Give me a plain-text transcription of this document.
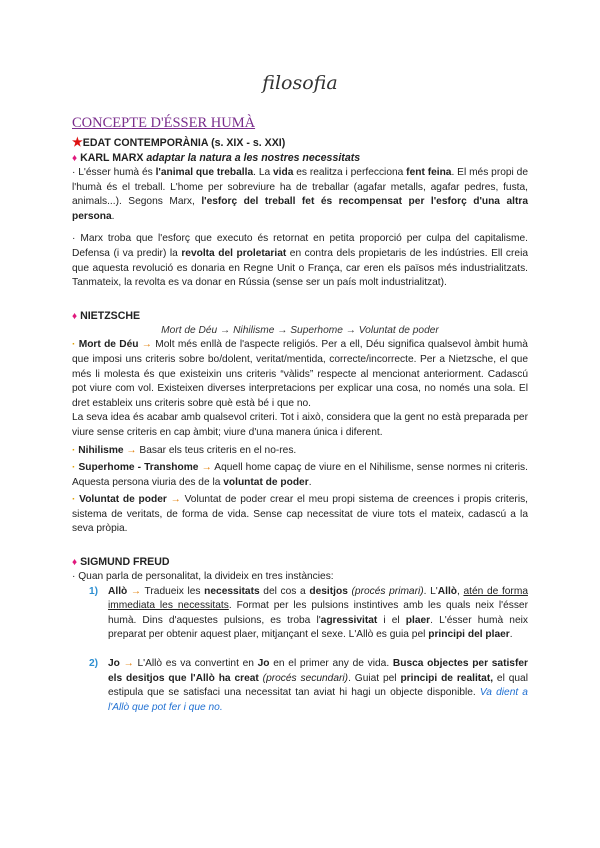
filosofia
CONCEPTE D'ÉSSER HUMÀ
★EDAT CONTEMPORÀNIA (s. XIX - s. XXI)
♦ KARL MARX adaptar la natura a les nostres necessitats

· L'ésser humà és l'animal que treballa. La vida es realitza i perfecciona fent feina. El més propi de l'humà és el treball. L'home per sobreviure ha de treballar (agafar metalls, agafar pedres, fusta, animals...). Segons Marx, l'esforç del treball fet és recompensat per l'esforç d'una altra persona.

· Marx troba que l'esforç que executo és retornat en petita proporció per culpa del capitalisme. Defensa (i va predir) la revolta del proletariat en contra dels propietaris de les indústries. Ell creia que aquesta revolució es donaria en Regne Unit o França, car eren els països més industrialitzats. Tanmateix, la revolta es va donar en Rússia (sense ser un país molt industrialitzat).

♦ NIETZSCHE

Mort de Déu → Nihilisme → Superhome → Voluntat de poder

· Mort de Déu → Molt més enllà de l'aspecte religiós. Per a ell, Déu significa qualsevol àmbit humà que imposi uns criteris sobre bo/dolent, veritat/mentida, correcte/incorrecte. Per a Nietzsche, el que més li molesta és que existeixin uns criteris “vàlids” respecte al mencionat anteriorment. Cadascú pot viure com vol. Existeixen diverses interpretacions per explicar una cosa, no només una sola. El dret estableix uns criteris sobre què està bé i que no.

La seva idea és acabar amb qualsevol criteri. Tot i això, considera que la gent no està preparada per viure sense criteris en cap àmbit; viure d'una manera única i diferent.

· Nihilisme → Basar els teus criteris en el no-res.

· Superhome - Transhome → Aquell home capaç de viure en el Nihilisme, sense normes ni criteris. Aquesta persona viuria des de la voluntat de poder.

· Voluntat de poder → Voluntat de poder crear el meu propi sistema de creences i propis criteris, sistema de veritats, de forma de vida. Sense cap necessitat de viure tots el mateix, cadascú a la seva pròpia.

♦ SIGMUND FREUD

· Quan parla de personalitat, la divideix en tres instàncies:

1) Allò → Tradueix les necessitats del cos a desitjos (procés primari). L'Allò, atén de forma immediata les necessitats. Format per les pulsions instintives amb les quals neix l'ésser humà. Dins d'aquestes pulsions, es troba l'agressivitat i el plaer. L'ésser humà neix preparat per obtenir aquest plaer, mitjançant el sexe. L'Allò es guia pel principi del plaer.
2) Jo → L'Allò es va convertint en Jo en el primer any de vida. Busca objectes per satisfer els desitjos que l'Allò ha creat (procés secundari). Guiat pel principi de realitat, el qual estipula que se satisfaci una necessitat tan aviat hi hagi un objecte disponible. Va dient a l'Allò que pot fer i que no.
